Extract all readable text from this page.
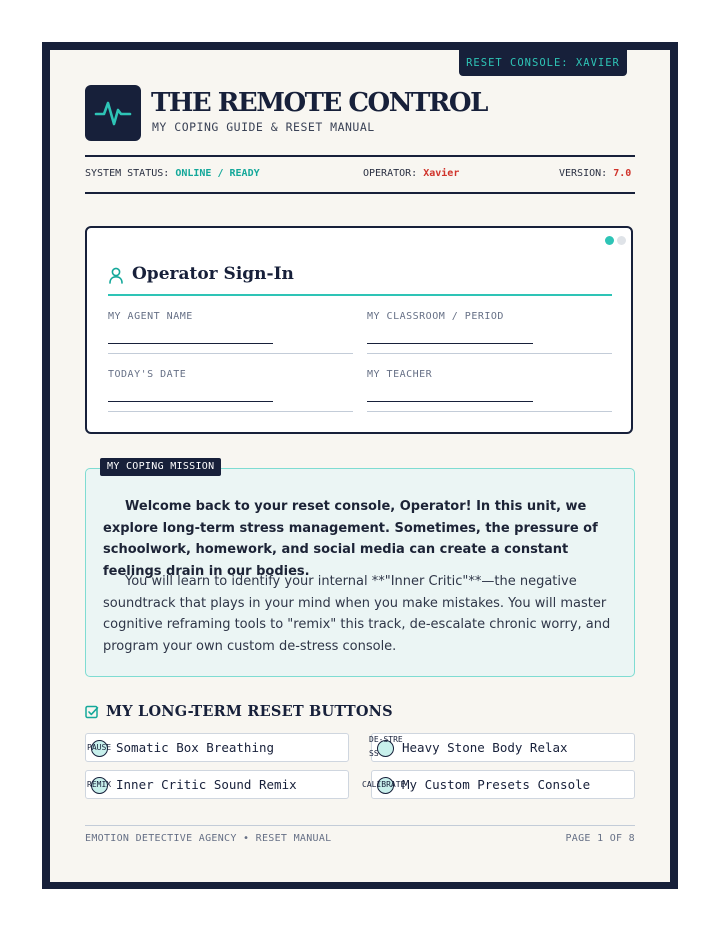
RESET CONSOLE: XAVIER
THE REMOTE CONTROL
MY COPING GUIDE & RESET MANUAL
SYSTEM STATUS: ONLINE / READY	OPERATOR: Xavier	VERSION: 7.0
Operator Sign-In
MY AGENT NAME	MY CLASSROOM / PERIOD
TODAY'S DATE	MY TEACHER
MY COPING MISSION

Welcome back to your reset console, Operator! In this unit, we explore long-term stress management. Sometimes, the pressure of schoolwork, homework, and social media can create a constant feelings drain in our bodies.

You will learn to identify your internal **"Inner Critic"**—the negative soundtrack that plays in your mind when you make mistakes. You will master cognitive reframing tools to "remix" this track, de-escalate chronic worry, and program your own custom de-stress console.

MY LONG-TERM RESET BUTTONS
PAUSE Somatic Box Breathing
DE-STRESS	Heavy Stone Body Relax
REMIX Inner Critic Sound Remix	CALIBRATE
My Custom Presets Console
EMOTION DETECTIVE AGENCY • RESET MANUAL	PAGE 1 OF 8
